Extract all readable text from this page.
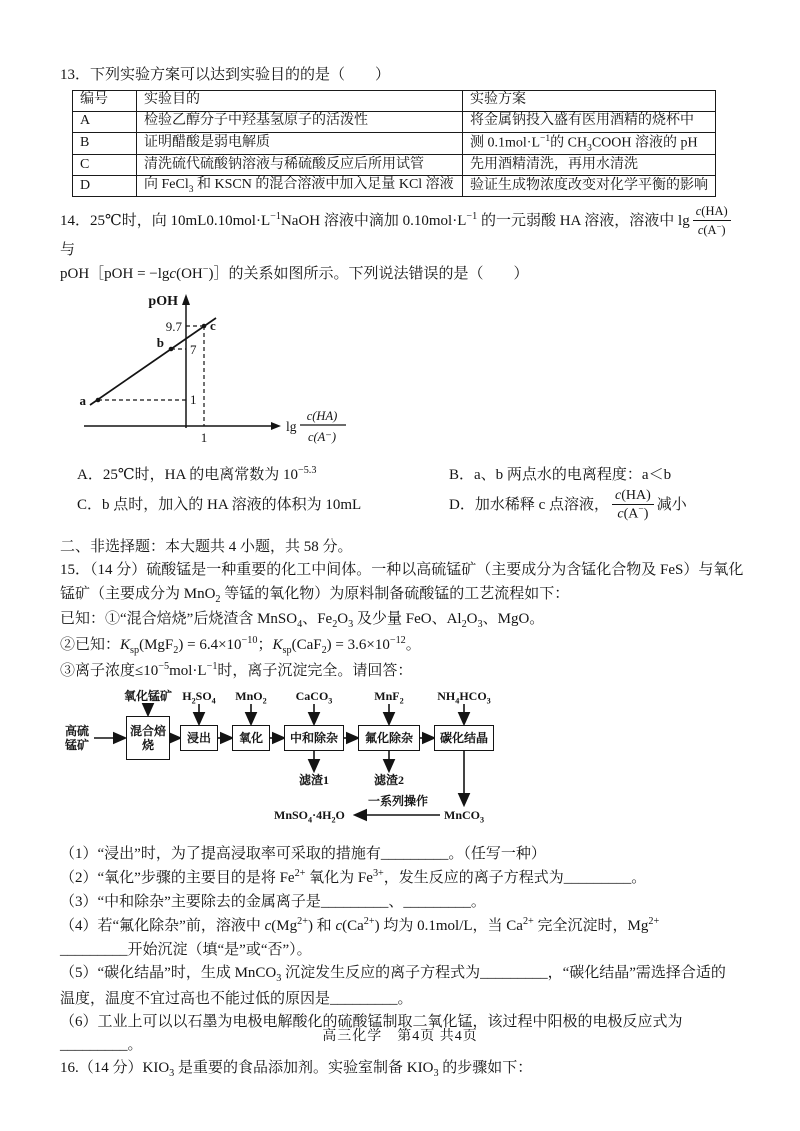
13．下列实验方案可以达到实验目的的是（　　）
编号	实验目的	实验方案
A	检验乙醇分子中羟基氢原子的活泼性	将金属钠投入盛有医用酒精的烧杯中
B	证明醋酸是弱电解质	测 $0.1mol\cdot L^{-1}$的 $CH_3COOH$ 溶液的 pH
C	清洗硫代硫酸钠溶液与稀硫酸反应后所用试管	先用酒精清洗，再用水清洗
D	向 FeCl$_3$ 和 KSCN 的混合溶液中加入足量 KCl 溶液	验证生成物浓度改变对化学平衡的影响
14．25℃时，向 $10mL0.10mol\cdot L^{-1}NaOH$ 溶液中滴加 $0.10mol\cdot L^{-1}$ 的一元弱酸 HA 溶液，溶液中 $\lg \frac{c(HA)}{c(A^-)}$
与
pOH［pOH = −lgc(OH−)］的关系如图所示。下列说法错误的是（　　）
pOH
9.7
7
1
1
a
b
c
lg
c(HA)
c(A⁻)
A．25℃时，HA 的电离常数为 $10^{-5.3}$	B．a、b 两点水的电离程度：a＜b
C．b 点时，加入的 HA 溶液的体积为 10mL	D．加水稀释 c 点溶液， $\frac{c(HA)}{c(A^-)}$ 减小
二、非选择题：本大题共 4 小题，共 58 分。
15．（14 分）硫酸锰是一种重要的化工中间体。一种以高硫锰矿（主要成分为含锰化合物及 FeS）与氧化
锰矿（主要成分为 MnO$_2$ 等锰的氧化物）为原料制备硫酸锰的工艺流程如下：
已知：①“混合焙烧”后烧渣含 MnSO$_4$、$Fe_2O_3$ 及少量 FeO、$Al_2O_3$、MgO。
②已知：$K_{sp}(MgF_2) = 6.4\times 10^{-10}$；$K_{sp}(CaF_2) = 3.6\times 10^{-12}$。
③离子浓度$\le 10^{-5}mol\cdot L^{-1}$时，离子沉淀完全。请回答：
氧化锰矿 $H_2SO_4$	MnO$_2$	CaCO$_3$	MnF$_2$	$NH_4HCO_3$
高硫锰矿
混合焙烧
浸出	氧化	中和除杂	氟化除杂	碳化结晶
滤渣1	滤渣2
MnCO$_3$
一系列操作
$MnSO_4\cdot 4H_2O$
（1）“浸出”时，为了提高浸取率可采取的措施有_________。（任写一种）
（2）“氧化”步骤的主要目的是将 $Fe^{2+}$ 氧化为 $Fe^{3+}$，发生反应的离子方程式为_________。
（3）“中和除杂”主要除去的金属离子是_________、_________。
（4）若“氟化除杂”前，溶液中 $c(Mg^{2+})$ 和 $c(Ca^{2+})$ 均为 0.1mol/L，当 $Ca^{2+}$ 完全沉淀时，$Mg^{2+}$
_________开始沉淀（填“是”或“否”）。
（5）“碳化结晶”时，生成 MnCO$_3$ 沉淀发生反应的离子方程式为_________，“碳化结晶”需选择合适的
温度，温度不宜过高也不能过低的原因是_________。
（6）工业上可以以石墨为电极电解酸化的硫酸锰制取二氧化锰，该过程中阳极的电极反应式为_________。
16.（14 分）$KIO_3$ 是重要的食品添加剂。实验室制备 $KIO_3$ 的步骤如下：
高三化学　第4页 共4页
